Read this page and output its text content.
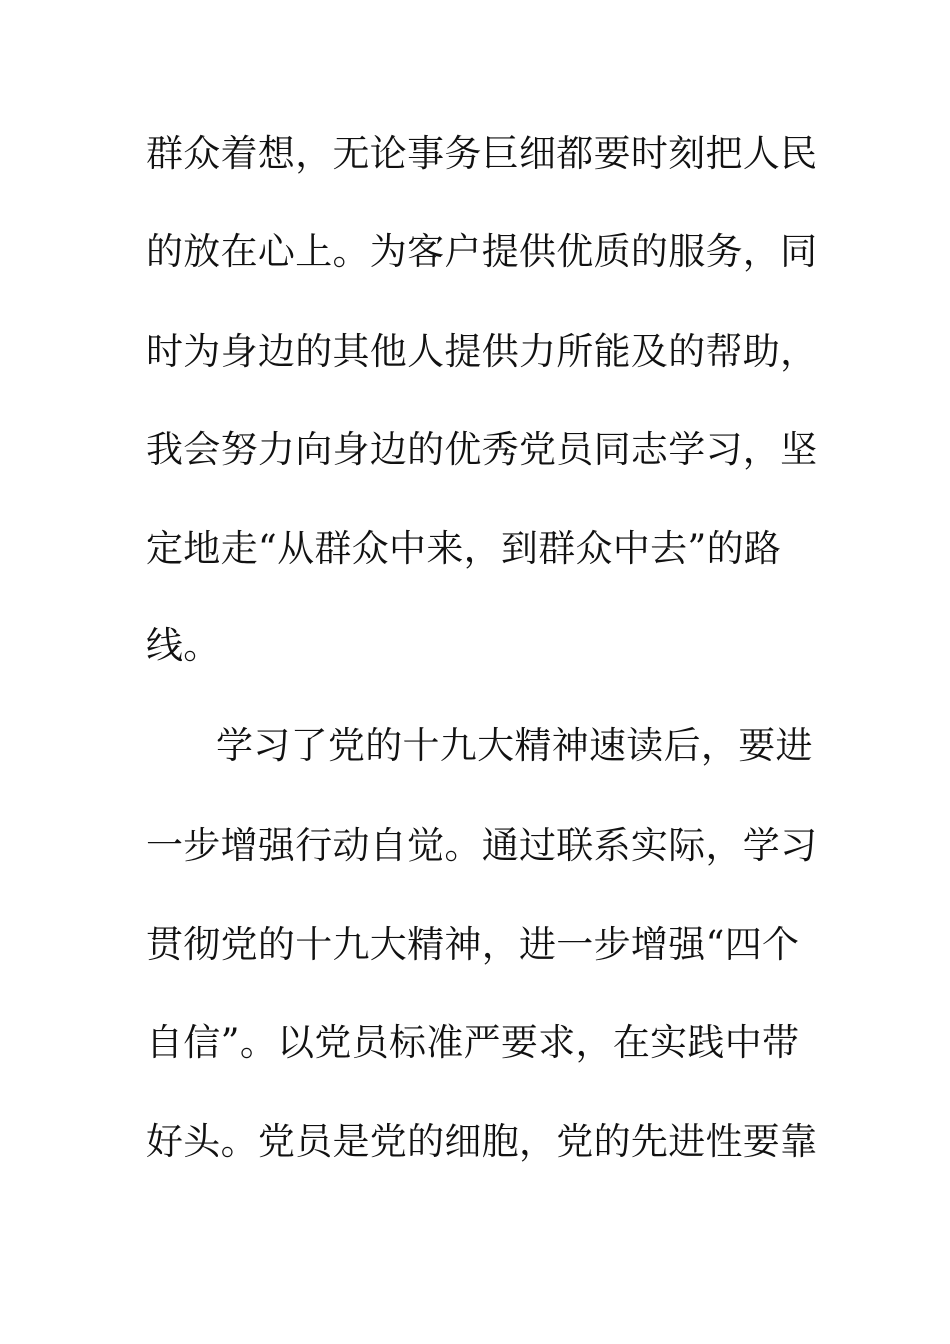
群众着想，无论事务巨细都要时刻把人民
的放在心上。为客户提供优质的服务，同
时为身边的其他人提供力所能及的帮助，
我会努力向身边的优秀党员同志学习，坚
定地走“从群众中来，到群众中去”的路
线。
学习了党的十九大精神速读后，要进
一步增强行动自觉。通过联系实际，学习
贯彻党的十九大精神，进一步增强“四个
自信”。以党员标准严要求，在实践中带
好头。党员是党的细胞，党的先进性要靠
